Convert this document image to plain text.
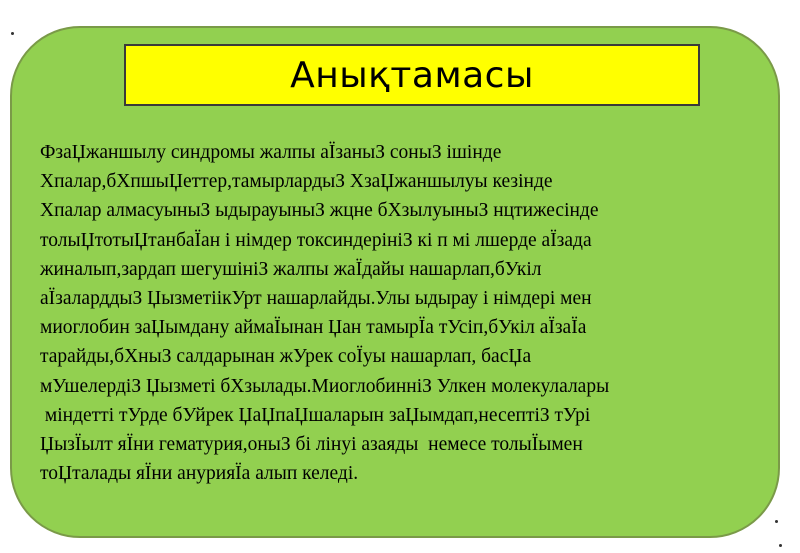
Анықтамасы
ФзаЏжаншылу синдромы жалпы аЇзаныЗ соныЗ ішінде
Хпалар,бХпшыЏеттер,тамырлардыЗ ХзаЏжаншылуы кезінде
Хпалар алмасуыныЗ ыдырауыныЗ жцне бХзылуыныЗ нцтижесінде
толыЏтотыЏтанбаЇан і німдер токсиндерініЗ кі п мі лшерде аЇзада
жиналып,зардап шегушініЗ жалпы жаЇдайы нашарлап,бУкіл
аЇзаларддыЗ ЏызметіікУрт нашарлайды.Улы ыдырау і німдері мен
миоглобин заЏымдану аймаЇынан Џан тамырЇа тУсіп,бУкіл аЇзаЇа
тарайды,бХныЗ салдарынан жУрек соЇуы нашарлап, басЏа
мУшелердіЗ Џызметі бХзылады.МиоглобинніЗ Улкен молекулалары
міндетті тУрде бУйрек ЏаЏпаЏшаларын заЏымдап,несептіЗ тУрі
ЏызЇылт яЇни гематурия,оныЗ бі лінуі азаяды  немесе толыЇымен
тоЏталады яЇни анурияЇа алып келеді.
